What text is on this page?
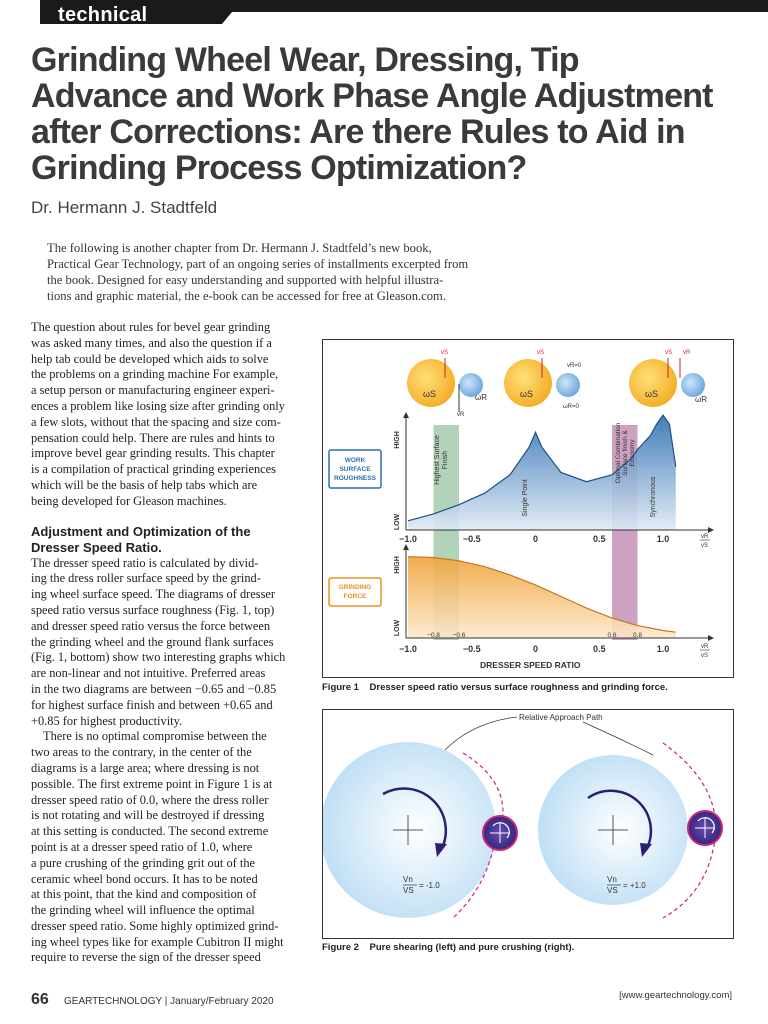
technical
Grinding Wheel Wear, Dressing, Tip
Advance and Work Phase Angle Adjustment
after Corrections: Are there Rules to Aid in
Grinding Process Optimization?
Dr. Hermann J. Stadtfeld
The following is another chapter from Dr. Hermann J. Stadtfeld’s new book,
Practical Gear Technology, part of an ongoing series of installments excerpted from
the book. Designed for easy understanding and supported with helpful illustra-
tions and graphic material, the e-book can be accessed for free at Gleason.com.
The question about rules for bevel gear grinding
was asked many times, and also the question if a
help tab could be developed which aids to solve
the problems on a grinding machine For example,
a setup person or manufacturing engineer experi-
ences a problem like losing size after grinding only
a few slots, without that the spacing and size com-
pensation could help. There are rules and hints to
improve bevel gear grinding results. This chapter
is a compilation of practical grinding experiences
which will be the basis of help tabs which are
being developed for Gleason machines.
Adjustment and Optimization of the
Dresser Speed Ratio.
The dresser speed ratio is calculated by divid-
ing the dress roller surface speed by the grind-
ing wheel surface speed. The diagrams of dresser
speed ratio versus surface roughness (Fig. 1, top)
and dresser speed ratio versus the force between
the grinding wheel and the ground flank surfaces
(Fig. 1, bottom) show two interesting graphs which
are non-linear and not intuitive. Preferred areas
in the two diagrams are between −0.65 and −0.85
for highest surface finish and between +0.65 and
+0.85 for highest productivity.
There is no optimal compromise between the
two areas to the contrary, in the center of the
diagrams is a large area; where dressing is not
possible. The first extreme point in Figure 1 is at
dresser speed ratio of 0.0, where the dress roller
is not rotating and will be destroyed if dressing
at this setting is conducted. The second extreme
point is at a dresser speed ratio of 1.0, where
a pure crushing of the grinding grit out of the
ceramic wheel bond occurs. It has to be noted
at this point, that the kind and composition of
the grinding wheel will influence the optimal
dresser speed ratio. Some highly optimized grind-
ing wheel types like for example Cubitron II might
require to reverse the sign of the dresser speed
ωS	ωR
vS
vR
ωS
ωR=0
vS
vR=0
ωS
ωR
vS vR
WORK
SURFACE
ROUGHNESS
GRINDING
FORCE
HIGH
LOW
HIGH
LOW
−1.0
−1.0
−0.5
−0.5
0
0
0.5
0.5
1.0
1.0
−0.8 −0.6	0.6	0.8
vR
vS
vR
vS
Highest Surface Finish	Optimal Combination Surface finish & Economy
Single Point	Synchronous
DRESSER SPEED RATIO
Figure 1 Dresser speed ratio versus surface roughness and grinding force.
Relative Approach Path
Vn
VS
= -1.0
Vn
VS
= +1.0
Figure 2 Pure shearing (left) and pure crushing (right).
66 GEARTECHNOLOGY | January/February 2020
[www.geartechnology.com]
